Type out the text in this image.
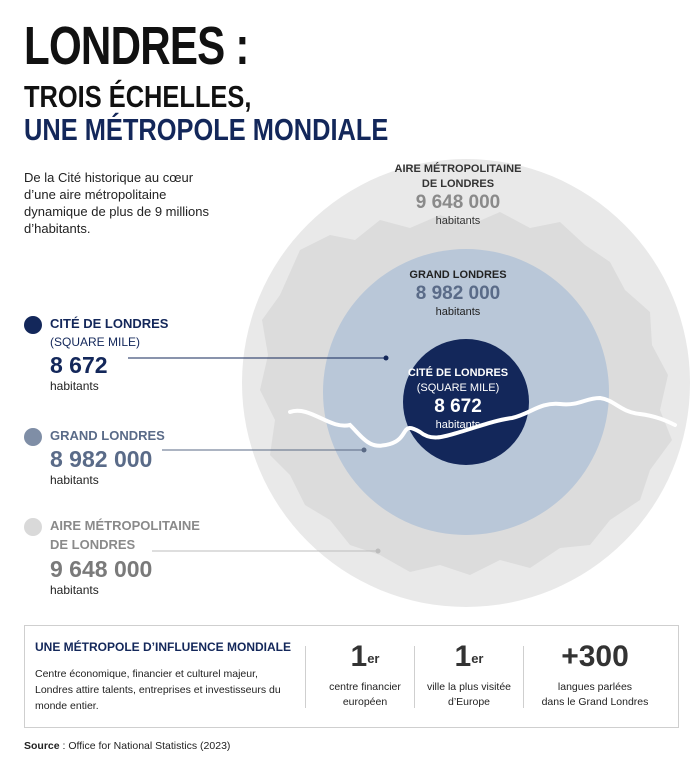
LONDRES :
TROIS ÉCHELLES,
UNE MÉTROPOLE MONDIALE

De la Cité historique au cœur d’une aire métropolitaine dynamique de plus de 9 millions d’habitants.

AIRE MÉTROPOLITAINE
DE LONDRES
9 648 000
habitants
GRAND LONDRES
8 982 000
habitants
CITÉ DE LONDRES
(SQUARE MILE)
8 672
habitants
CITÉ DE LONDRES
(SQUARE MILE)
8 672
habitants
GRAND LONDRES
8 982 000
habitants
AIRE MÉTROPOLITAINE
DE LONDRES
9 648 000
habitants
UNE MÉTROPOLE D’INFLUENCE MONDIALE

Centre économique, financier et culturel majeur, Londres attire talents, entreprises et investisseurs du monde entier.

1er
centre financier
européen
1er
ville la plus visitée
d’Europe
+300
langues parlées
dans le Grand Londres
Source : Office for National Statistics (2023)
